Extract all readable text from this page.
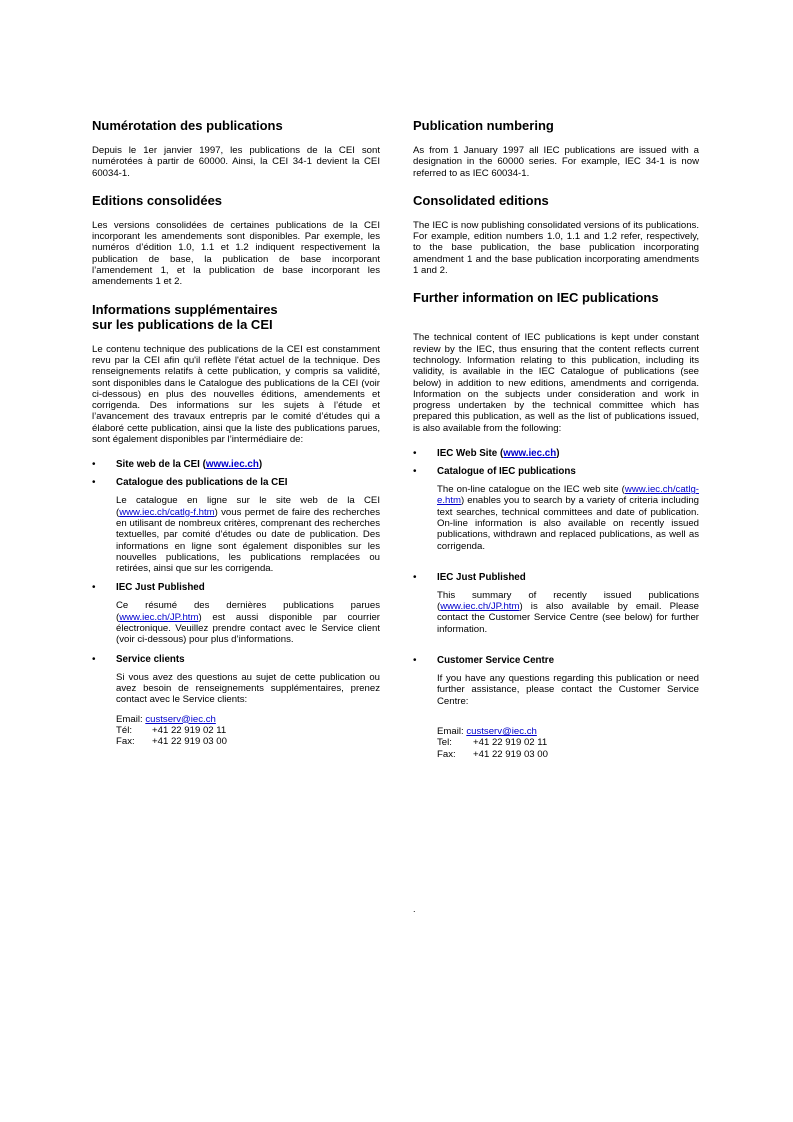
Numérotation des publications

Depuis le 1er janvier 1997, les publications de la CEI sont numérotées à partir de 60000. Ainsi, la CEI 34-1 devient la CEI 60034-1.

Editions consolidées

Les versions consolidées de certaines publications de la CEI incorporant les amendements sont disponibles. Par exemple, les numéros d’édition 1.0, 1.1 et 1.2 indiquent respectivement la publication de base, la publication de base incorporant l’amendement 1, et la publication de base incorporant les amendements 1 et 2.

Informations supplémentaires
sur les publications de la CEI

Le contenu technique des publications de la CEI est constamment revu par la CEI afin qu'il reflète l'état actuel de la technique. Des renseignements relatifs à cette publication, y compris sa validité, sont disponibles dans le Catalogue des publications de la CEI (voir ci-dessous) en plus des nouvelles éditions, amendements et corrigenda. Des informations sur les sujets à l’étude et l’avancement des travaux entrepris par le comité d’études qui a élaboré cette publication, ainsi que la liste des publications parues, sont également disponibles par l’intermédiaire de:

• Site web de la CEI (www.iec.ch)
• Catalogue des publications de la CEI

Le catalogue en ligne sur le site web de la CEI (www.iec.ch/catlg-f.htm) vous permet de faire des recherches en utilisant de nombreux critères, comprenant des recherches textuelles, par comité d’études ou date de publication. Des informations en ligne sont également disponibles sur les nouvelles publications, les publications remplacées ou retirées, ainsi que sur les corrigenda.

• IEC Just Published

Ce résumé des dernières publications parues (www.iec.ch/JP.htm) est aussi disponible par courrier électronique. Veuillez prendre contact avec le Service client (voir ci-dessous) pour plus d’informations.

• Service clients

Si vous avez des questions au sujet de cette publication ou avez besoin de renseignements supplémentaires, prenez contact avec le Service clients:

Email: custserv@iec.ch
Tél: +41 22 919 02 11
Fax: +41 22 919 03 00
Publication numbering

As from 1 January 1997 all IEC publications are issued with a designation in the 60000 series. For example, IEC 34-1 is now referred to as IEC 60034-1.

Consolidated editions

The IEC is now publishing consolidated versions of its publications. For example, edition numbers 1.0, 1.1 and 1.2 refer, respectively, to the base publication, the base publication incorporating amendment 1 and the base publication incorporating amendments 1 and 2.

Further information on IEC publications

The technical content of IEC publications is kept under constant review by the IEC, thus ensuring that the content reflects current technology. Information relating to this publication, including its validity, is available in the IEC Catalogue of publications (see below) in addition to new editions, amendments and corrigenda. Information on the subjects under consideration and work in progress undertaken by the technical committee which has prepared this publication, as well as the list of publications issued, is also available from the following:

• IEC Web Site (www.iec.ch)
• Catalogue of IEC publications

The on-line catalogue on the IEC web site (www.iec.ch/catlg-e.htm) enables you to search by a variety of criteria including text searches, technical committees and date of publication. On-line information is also available on recently issued publications, withdrawn and replaced publications, as well as corrigenda.

• IEC Just Published

This summary of recently issued publications (www.iec.ch/JP.htm) is also available by email. Please contact the Customer Service Centre (see below) for further information.

• Customer Service Centre

If you have any questions regarding this publication or need further assistance, please contact the Customer Service Centre:

Email: custserv@iec.ch
Tel: +41 22 919 02 11
Fax: +41 22 919 03 00
.
